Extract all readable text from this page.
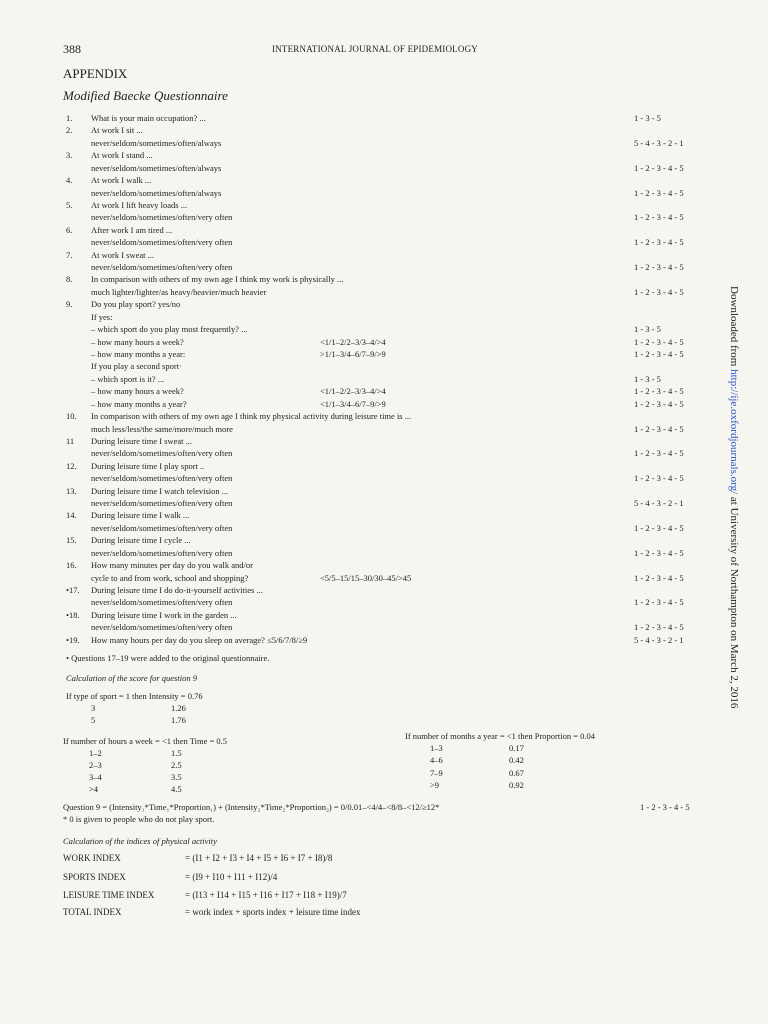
388	INTERNATIONAL JOURNAL OF EPIDEMIOLOGY
APPENDIX
Modified Baecke Questionnaire
1.	What is your main occupation? ...	1 - 3 - 5
2.	At work I sit ...
never/seldom/sometimes/often/always	5 - 4 - 3 - 2 - 1
3.	At work I stand ...
never/seldom/sometimes/often/always	1 - 2 - 3 - 4 - 5
4.	At work I walk ...
never/seldom/sometimes/often/always	1 - 2 - 3 - 4 - 5
5.	At work I lift heavy loads ...
never/seldom/sometimes/often/very often	1 - 2 - 3 - 4 - 5
6.	After work I am tired ...
never/seldom/sometimes/often/very often	1 - 2 - 3 - 4 - 5
7.	At work I sweat ...
never/seldom/sometimes/often/very often	1 - 2 - 3 - 4 - 5
8.	In comparison with others of my own age I think my work is physically ...
much lighter/lighter/as heavy/heavier/much heavier	1 - 2 - 3 - 4 - 5
9.	Do you play sport? yes/no
If yes:
– which sport do you play most frequently? ...	1 - 3 - 5
– how many hours a week?	<1/1–2/2–3/3–4/>4	1 - 2 - 3 - 4 - 5
– how many months a year:	>1/1–3/4–6/7–9/>9	1 - 2 - 3 - 4 - 5
If you play a second sport·
– which sport is it? ...	1 - 3 - 5
– how many hours a week?	<1/1–2/2–3/3–4/>4	1 - 2 - 3 - 4 - 5
– how many months a year?	<1/1–3/4–6/7–9/>9	1 - 2 - 3 - 4 - 5
10.	In comparison with others of my own age I think my physical activity during leisure time is ...
much less/less/the same/more/much more	1 - 2 - 3 - 4 - 5
11	During leisure time I sweat ...
never/seldom/sometimes/often/very often	1 - 2 - 3 - 4 - 5
12.	During leisure time I play sport ..
never/seldom/sometimes/often/very often	1 - 2 - 3 - 4 - 5
13.	During leisure time I watch television ...
never/seldom/sometimes/often/very often	5 - 4 - 3 - 2 - 1
14.	During leisure time I walk ...
never/seldom/sometimes/often/very often	1 - 2 - 3 - 4 - 5
15.	During leisure time I cycle ...
never/seldom/sometimes/often/very often	1 - 2 - 3 - 4 - 5
16.	How many minutes per day do you walk and/or
cycle to and from work, school and shopping?	<5/5–15/15–30/30–45/>45	1 - 2 - 3 - 4 - 5
•17.	During leisure time I do do-it-yourself activities ...
never/seldom/sometimes/often/very often	1 - 2 - 3 - 4 - 5
•18.	During leisure time I work in the garden ...
never/seldom/sometimes/often/very often	1 - 2 - 3 - 4 - 5
•19.	How many hours per day do you sleep on average? ≤5/6/7/8/≥9	5 - 4 - 3 - 2 - 1
• Questions 17–19 were added to the original questionnaire.
Calculation of the score for question 9
If type of sport = 1 then Intensity = 0.76
3	1.26
5	1.76
If number of hours a week = <1 then Time = 0.5
1–2	1.5
2–3	2.5
3–4	3.5
>4	4.5
If number of months a year = <1 then Proportion = 0.04
1–3	0.17
4–6	0.42
7–9	0.67
>9	0.92
Question 9 = (Intensity₁*Time₁*Proportion₁) + (Intensity₂*Time₂*Proportion₂) = 0/0.01–<4/4–<8/8–<12/≥12*	1 - 2 - 3 - 4 - 5
* 0 is given to people who do not play sport.
Calculation of the indices of physical activity
WORK INDEX	= (I1 + I2 + I3 + I4 + I5 + I6 + I7 + I8)/8
SPORTS INDEX	= (I9 + I10 + I11 + I12)/4
LEISURE TIME INDEX	= (I13 + I14 + I15 + I16 + I17 + I18 + I19)/7
TOTAL INDEX	= work index + sports index + leisure time index
Downloaded from http://ije.oxfordjournals.org/ at University of Northampton on March 2, 2016
